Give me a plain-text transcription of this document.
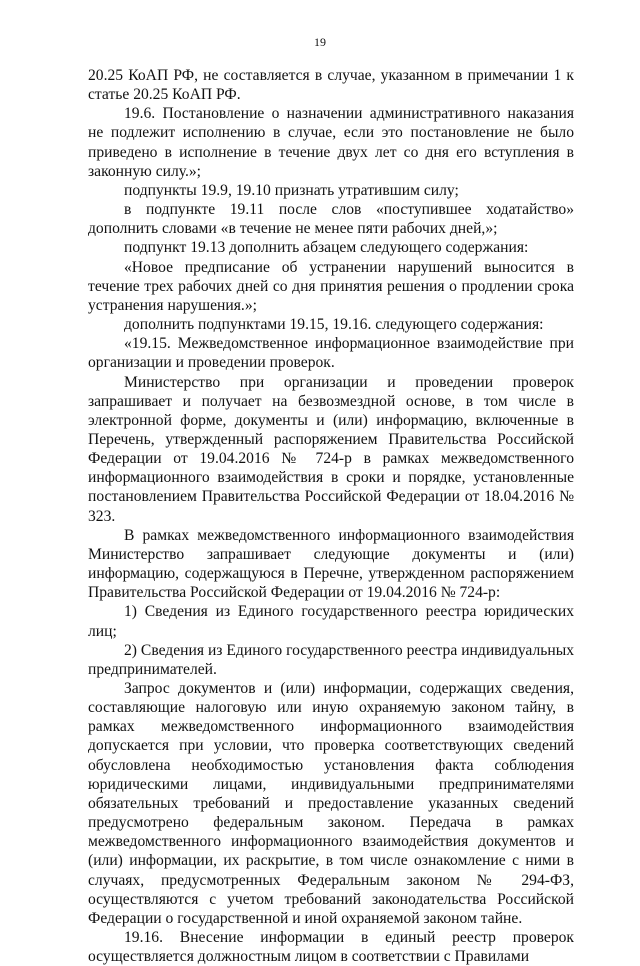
19

20.25 КоАП РФ, не составляется в случае, указанном в примечании 1 к статье 20.25 КоАП РФ.

19.6. Постановление о назначении административного наказания не подлежит исполнению в случае, если это постановление не было приведено в исполнение в течение двух лет со дня его вступления в законную силу.»;

подпункты 19.9, 19.10 признать утратившим силу;

в подпункте 19.11 после слов «поступившее ходатайство» дополнить словами «в течение не менее пяти рабочих дней,»;

подпункт 19.13 дополнить абзацем следующего содержания:

«Новое предписание об устранении нарушений выносится в течение трех рабочих дней со дня принятия решения о продлении срока устранения нарушения.»;

дополнить подпунктами 19.15, 19.16. следующего содержания:

«19.15. Межведомственное информационное взаимодействие при организации и проведении проверок.

Министерство при организации и проведении проверок запрашивает и получает на безвозмездной основе, в том числе в электронной форме, документы и (или) информацию, включенные в Перечень, утвержденный распоряжением Правительства Российской Федерации от 19.04.2016 № 724-р в рамках межведомственного информационного взаимодействия в сроки и порядке, установленные постановлением Правительства Российской Федерации от 18.04.2016 № 323.

В рамках межведомственного информационного взаимодействия Министерство запрашивает следующие документы и (или) информацию, содержащуюся в Перечне, утвержденном распоряжением Правительства Российской Федерации от 19.04.2016 № 724-р:

1) Сведения из Единого государственного реестра юридических лиц;

2) Сведения из Единого государственного реестра индивидуальных предпринимателей.

Запрос документов и (или) информации, содержащих сведения, составляющие налоговую или иную охраняемую законом тайну, в рамках межведомственного информационного взаимодействия допускается при условии, что проверка соответствующих сведений обусловлена необходимостью установления факта соблюдения юридическими лицами, индивидуальными предпринимателями обязательных требований и предоставление указанных сведений предусмотрено федеральным законом. Передача в рамках межведомственного информационного взаимодействия документов и (или) информации, их раскрытие, в том числе ознакомление с ними в случаях, предусмотренных Федеральным законом № 294-ФЗ, осуществляются с учетом требований законодательства Российской Федерации о государственной и иной охраняемой законом тайне.

19.16. Внесение информации в единый реестр проверок осуществляется должностным лицом в соответствии с Правилами
